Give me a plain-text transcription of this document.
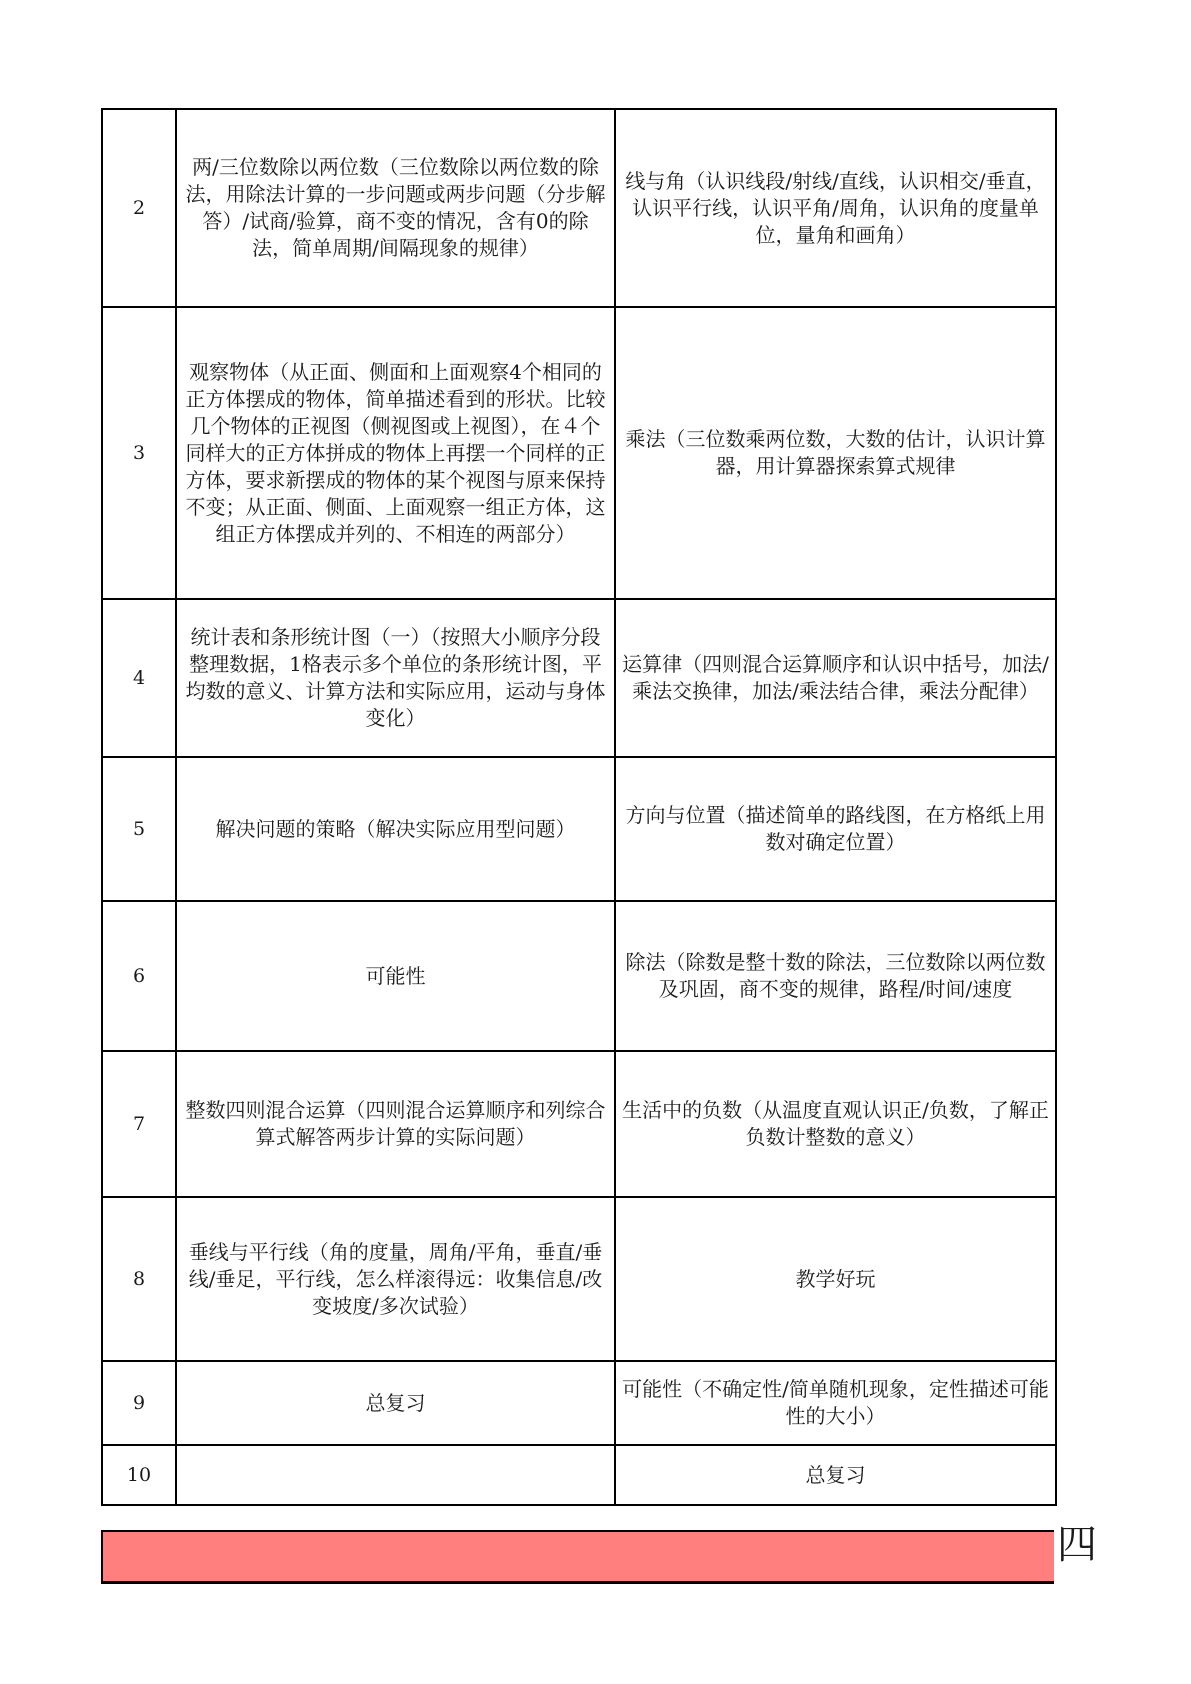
2	两/三位数除以两位数（三位数除以两位数的除法，用除法计算的一步问题或两步问题（分步解答）/试商/验算，商不变的情况，含有0的除法，简单周期/间隔现象的规律）	线与角（认识线段/射线/直线，认识相交/垂直，认识平行线，认识平角/周角，认识角的度量单位，量角和画角）
3	观察物体（从正面、侧面和上面观察4个相同的正方体摆成的物体，简单描述看到的形状。比较几个物体的正视图（侧视图或上视图），在４个同样大的正方体拼成的物体上再摆一个同样的正方体，要求新摆成的物体的某个视图与原来保持不变；从正面、侧面、上面观察一组正方体，这组正方体摆成并列的、不相连的两部分）	乘法（三位数乘两位数，大数的估计，认识计算器，用计算器探索算式规律
4	统计表和条形统计图（一）（按照大小顺序分段整理数据，1格表示多个单位的条形统计图，平均数的意义、计算方法和实际应用，运动与身体变化）	运算律（四则混合运算顺序和认识中括号，加法/乘法交换律，加法/乘法结合律，乘法分配律）
5	解决问题的策略（解决实际应用型问题）	方向与位置（描述简单的路线图，在方格纸上用数对确定位置）
6	可能性	除法（除数是整十数的除法，三位数除以两位数及巩固，商不变的规律，路程/时间/速度
7	整数四则混合运算（四则混合运算顺序和列综合算式解答两步计算的实际问题）	生活中的负数（从温度直观认识正/负数，了解正负数计整数的意义）
8	垂线与平行线（角的度量，周角/平角，垂直/垂线/垂足，平行线，怎么样滚得远：收集信息/改变坡度/多次试验）	教学好玩
9	总复习	可能性（不确定性/简单随机现象，定性描述可能性的大小）
10		总复习
四
